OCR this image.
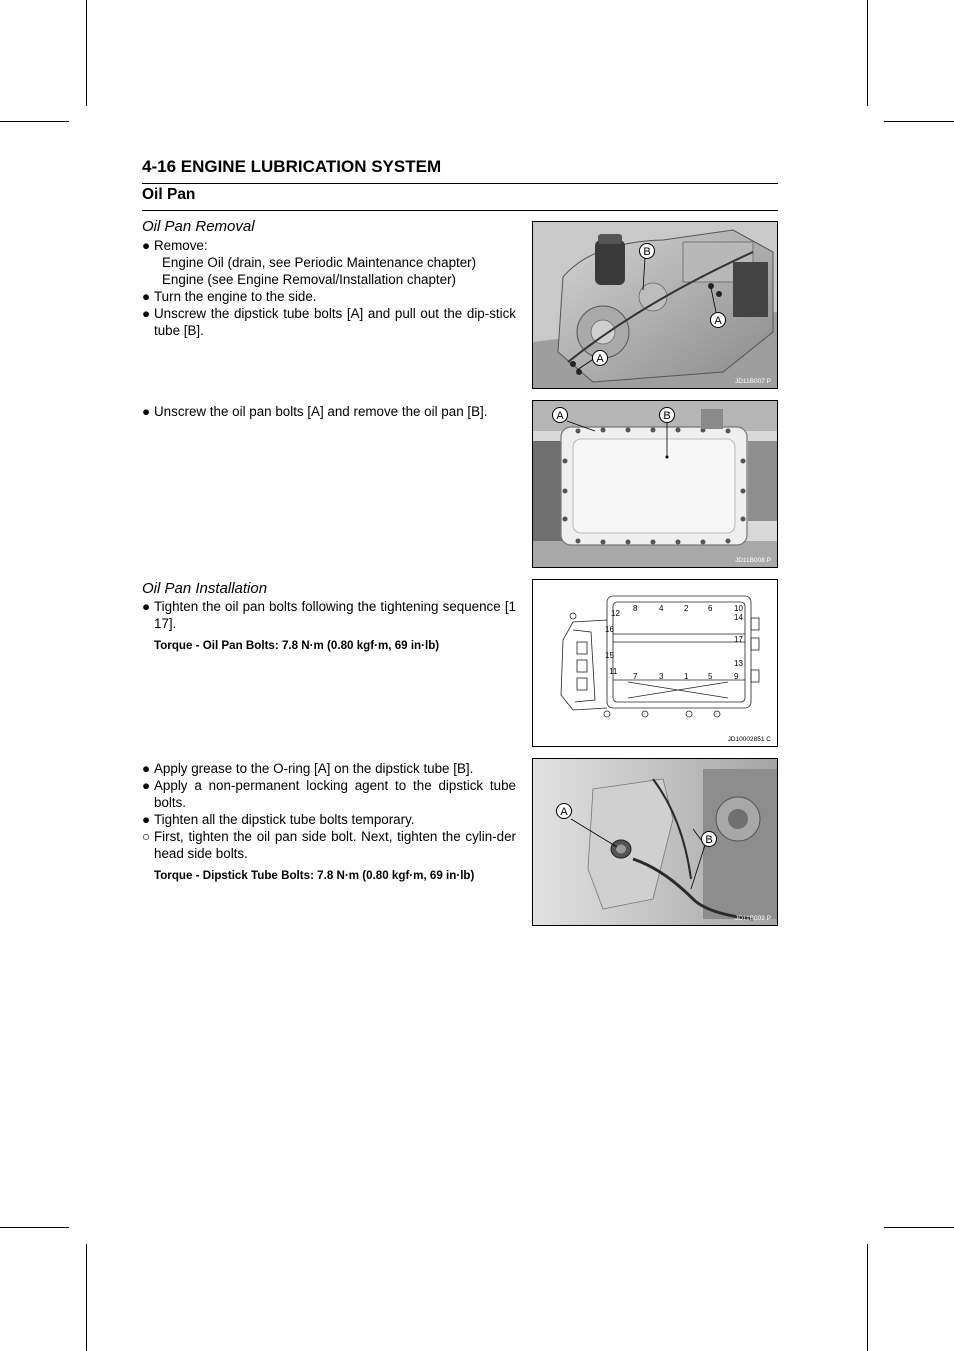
4-16 ENGINE LUBRICATION SYSTEM
Oil Pan
Oil Pan Removal
● Remove:
Engine Oil (drain, see Periodic Maintenance chapter)
Engine (see Engine Removal/Installation chapter)
● Turn the engine to the side.
● Unscrew the dipstick tube bolts [A] and pull out the dip-stick tube [B].
● Unscrew the oil pan bolts [A] and remove the oil pan [B].
Oil Pan Installation
● Tighten the oil pan bolts following the tightening sequence [1    17].
Torque - Oil Pan Bolts: 7.8 N·m (0.80 kgf·m, 69 in·lb)
● Apply grease to the O-ring [A] on the dipstick tube [B].
● Apply a non-permanent locking agent to the dipstick tube bolts.
● Tighten all the dipstick tube bolts temporary.
○ First, tighten the oil pan side bolt. Next, tighten the cylin-der head side bolts.
Torque - Dipstick Tube Bolts: 7.8 N·m (0.80 kgf·m, 69 in·lb)
B
A
A
JD11B007 P
A	B
JD11B008 P
12
8	4	2 6	10
14
16
17
15
13
11
7	3	1 5	9
JD10002851 C
A
B
JD11B009 P
